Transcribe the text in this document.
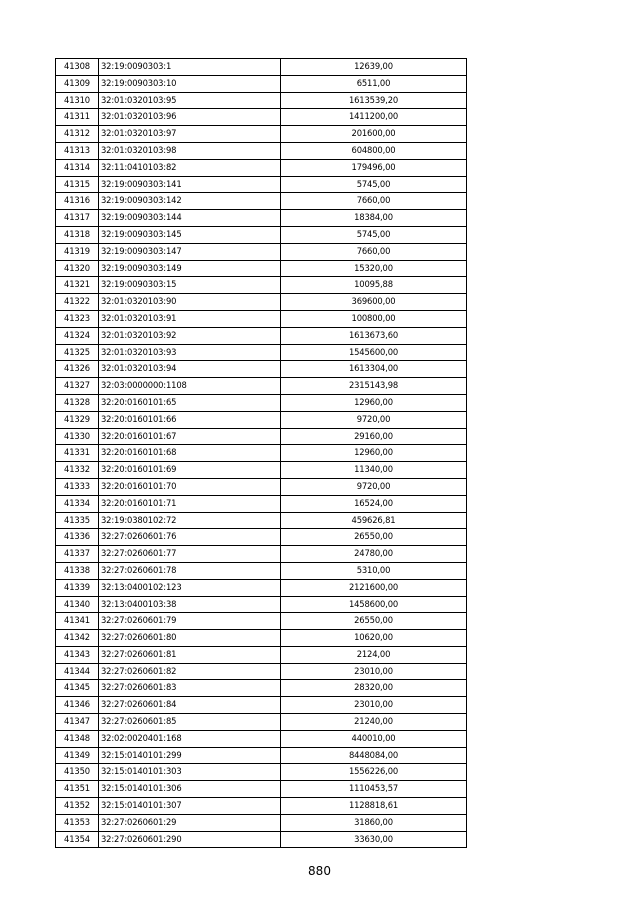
41308	32:19:0090303:1	12639,00
41309	32:19:0090303:10	6511,00
41310	32:01:0320103:95	1613539,20
41311	32:01:0320103:96	1411200,00
41312	32:01:0320103:97	201600,00
41313	32:01:0320103:98	604800,00
41314	32:11:0410103:82	179496,00
41315	32:19:0090303:141	5745,00
41316	32:19:0090303:142	7660,00
41317	32:19:0090303:144	18384,00
41318	32:19:0090303:145	5745,00
41319	32:19:0090303:147	7660,00
41320	32:19:0090303:149	15320,00
41321	32:19:0090303:15	10095,88
41322	32:01:0320103:90	369600,00
41323	32:01:0320103:91	100800,00
41324	32:01:0320103:92	1613673,60
41325	32:01:0320103:93	1545600,00
41326	32:01:0320103:94	1613304,00
41327	32:03:0000000:1108	2315143,98
41328	32:20:0160101:65	12960,00
41329	32:20:0160101:66	9720,00
41330	32:20:0160101:67	29160,00
41331	32:20:0160101:68	12960,00
41332	32:20:0160101:69	11340,00
41333	32:20:0160101:70	9720,00
41334	32:20:0160101:71	16524,00
41335	32:19:0380102:72	459626,81
41336	32:27:0260601:76	26550,00
41337	32:27:0260601:77	24780,00
41338	32:27:0260601:78	5310,00
41339	32:13:0400102:123	2121600,00
41340	32:13:0400103:38	1458600,00
41341	32:27:0260601:79	26550,00
41342	32:27:0260601:80	10620,00
41343	32:27:0260601:81	2124,00
41344	32:27:0260601:82	23010,00
41345	32:27:0260601:83	28320,00
41346	32:27:0260601:84	23010,00
41347	32:27:0260601:85	21240,00
41348	32:02:0020401:168	440010,00
41349	32:15:0140101:299	8448084,00
41350	32:15:0140101:303	1556226,00
41351	32:15:0140101:306	1110453,57
41352	32:15:0140101:307	1128818,61
41353	32:27:0260601:29	31860,00
41354	32:27:0260601:290	33630,00
880
